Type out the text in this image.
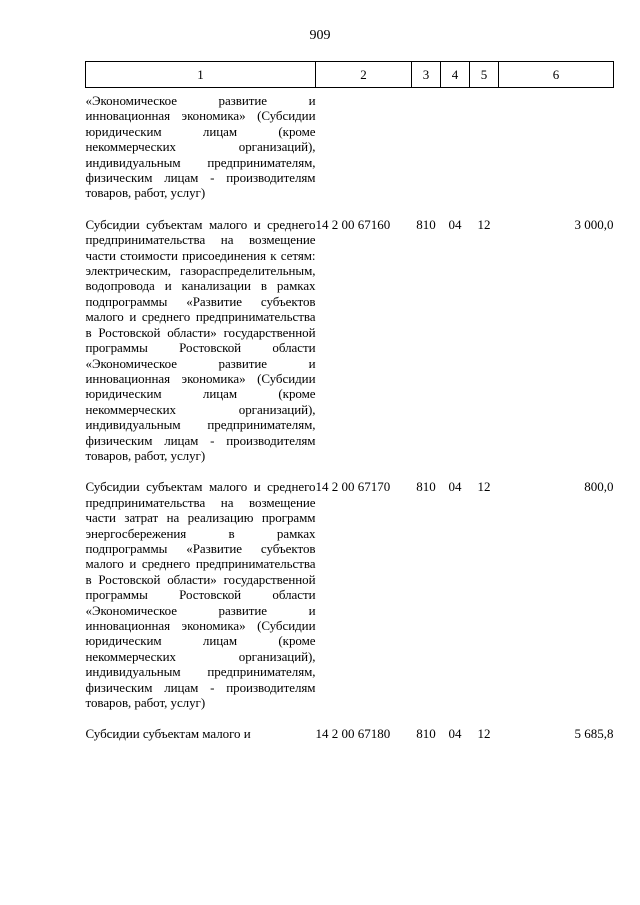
909
1	2	3	4	5	6

«Экономическое развитие и инновационная экономика» (Субсидии юридическим лицам (кроме некоммерческих организаций), индивидуальным предпринимателям, физическим лицам - производителям товаров, работ, услуг)					

Субсидии субъектам малого и среднего предпринимательства на возмещение части стоимости присоединения к сетям: электрическим, газораспределительным, водопровода и канализации в рамках подпрограммы «Развитие субъектов малого и среднего предпринимательства в Ростовской области» государственной программы Ростовской области «Экономическое развитие и инновационная экономика» (Субсидии юридическим лицам (кроме некоммерческих организаций), индивидуальным предпринимателям, физическим лицам - производителям товаров, работ, услуг)	14 2 00 67160	810	04	12	3 000,0

Субсидии субъектам малого и среднего предпринимательства на возмещение части затрат на реализацию программ энергосбережения в рамках подпрограммы «Развитие субъектов малого и среднего предпринимательства в Ростовской области» государственной программы Ростовской области «Экономическое развитие и инновационная экономика» (Субсидии юридическим лицам (кроме некоммерческих организаций), индивидуальным предпринимателям, физическим лицам - производителям товаров, работ, услуг)	14 2 00 67170	810	04	12	800,0

Субсидии субъектам малого и	14 2 00 67180	810	04	12	5 685,8
